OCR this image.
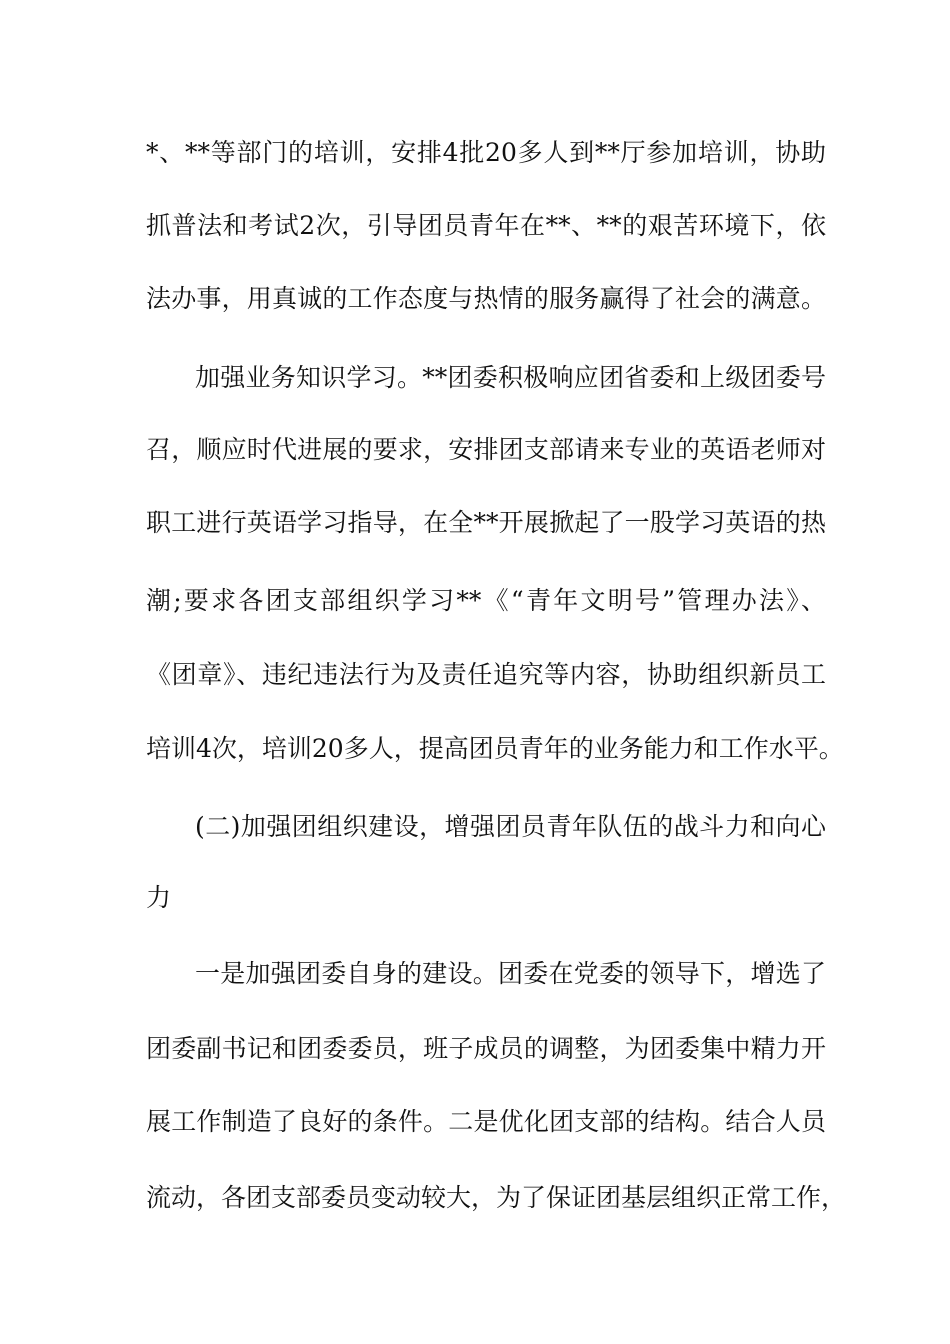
*、**等部门的培训，安排4批20多人到**厅参加培训，协助
抓普法和考试2次，引导团员青年在**、**的艰苦环境下，依
法办事，用真诚的工作态度与热情的服务赢得了社会的满意。
加强业务知识学习。**团委积极响应团省委和上级团委号
召，顺应时代进展的要求，安排团支部请来专业的英语老师对
职工进行英语学习指导，在全**开展掀起了一股学习英语的热
潮;要求各团支部组织学习**《“青年文明号”管理办法》、
《团章》、违纪违法行为及责任追究等内容，协助组织新员工
培训4次，培训20多人，提高团员青年的业务能力和工作水平。
(二)加强团组织建设，增强团员青年队伍的战斗力和向心
力
一是加强团委自身的建设。团委在党委的领导下，增选了
团委副书记和团委委员，班子成员的调整，为团委集中精力开
展工作制造了良好的条件。二是优化团支部的结构。结合人员
流动，各团支部委员变动较大，为了保证团基层组织正常工作，
